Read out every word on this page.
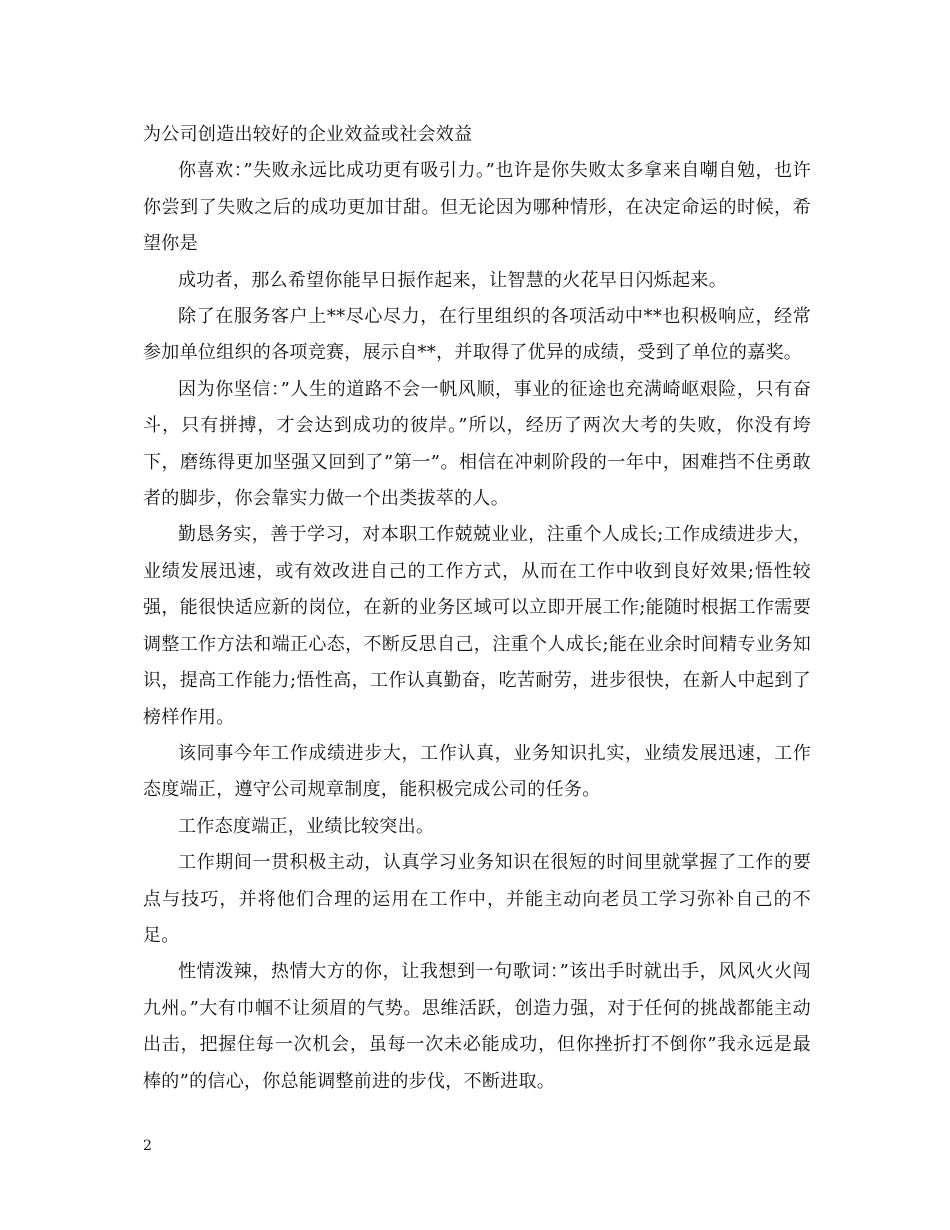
为公司创造出较好的企业效益或社会效益

你喜欢：”失败永远比成功更有吸引力。”也许是你失败太多拿来自嘲自勉，也许你尝到了失败之后的成功更加甘甜。但无论因为哪种情形，在决定命运的时候，希望你是

成功者，那么希望你能早日振作起来，让智慧的火花早日闪烁起来。

除了在服务客户上**尽心尽力，在行里组织的各项活动中**也积极响应，经常参加单位组织的各项竞赛，展示自**，并取得了优异的成绩，受到了单位的嘉奖。

因为你坚信：”人生的道路不会一帆风顺，事业的征途也充满崎岖艰险，只有奋斗，只有拼搏，才会达到成功的彼岸。”所以，经历了两次大考的失败，你没有垮下，磨练得更加坚强又回到了”第一”。相信在冲刺阶段的一年中，困难挡不住勇敢者的脚步，你会靠实力做一个出类拔萃的人。

勤恳务实，善于学习，对本职工作兢兢业业，注重个人成长;工作成绩进步大，业绩发展迅速，或有效改进自己的工作方式，从而在工作中收到良好效果;悟性较强，能很快适应新的岗位，在新的业务区域可以立即开展工作;能随时根据工作需要调整工作方法和端正心态，不断反思自己，注重个人成长;能在业余时间精专业务知识，提高工作能力;悟性高，工作认真勤奋，吃苦耐劳，进步很快，在新人中起到了榜样作用。

该同事今年工作成绩进步大，工作认真，业务知识扎实，业绩发展迅速，工作态度端正，遵守公司规章制度，能积极完成公司的任务。

工作态度端正，业绩比较突出。

工作期间一贯积极主动，认真学习业务知识在很短的时间里就掌握了工作的要点与技巧，并将他们合理的运用在工作中，并能主动向老员工学习弥补自己的不足。

性情泼辣，热情大方的你，让我想到一句歌词：”该出手时就出手，风风火火闯九州。”大有巾帼不让须眉的气势。思维活跃，创造力强，对于任何的挑战都能主动出击，把握住每一次机会，虽每一次未必能成功，但你挫折打不倒你”我永远是最棒的”的信心，你总能调整前进的步伐，不断进取。

2
